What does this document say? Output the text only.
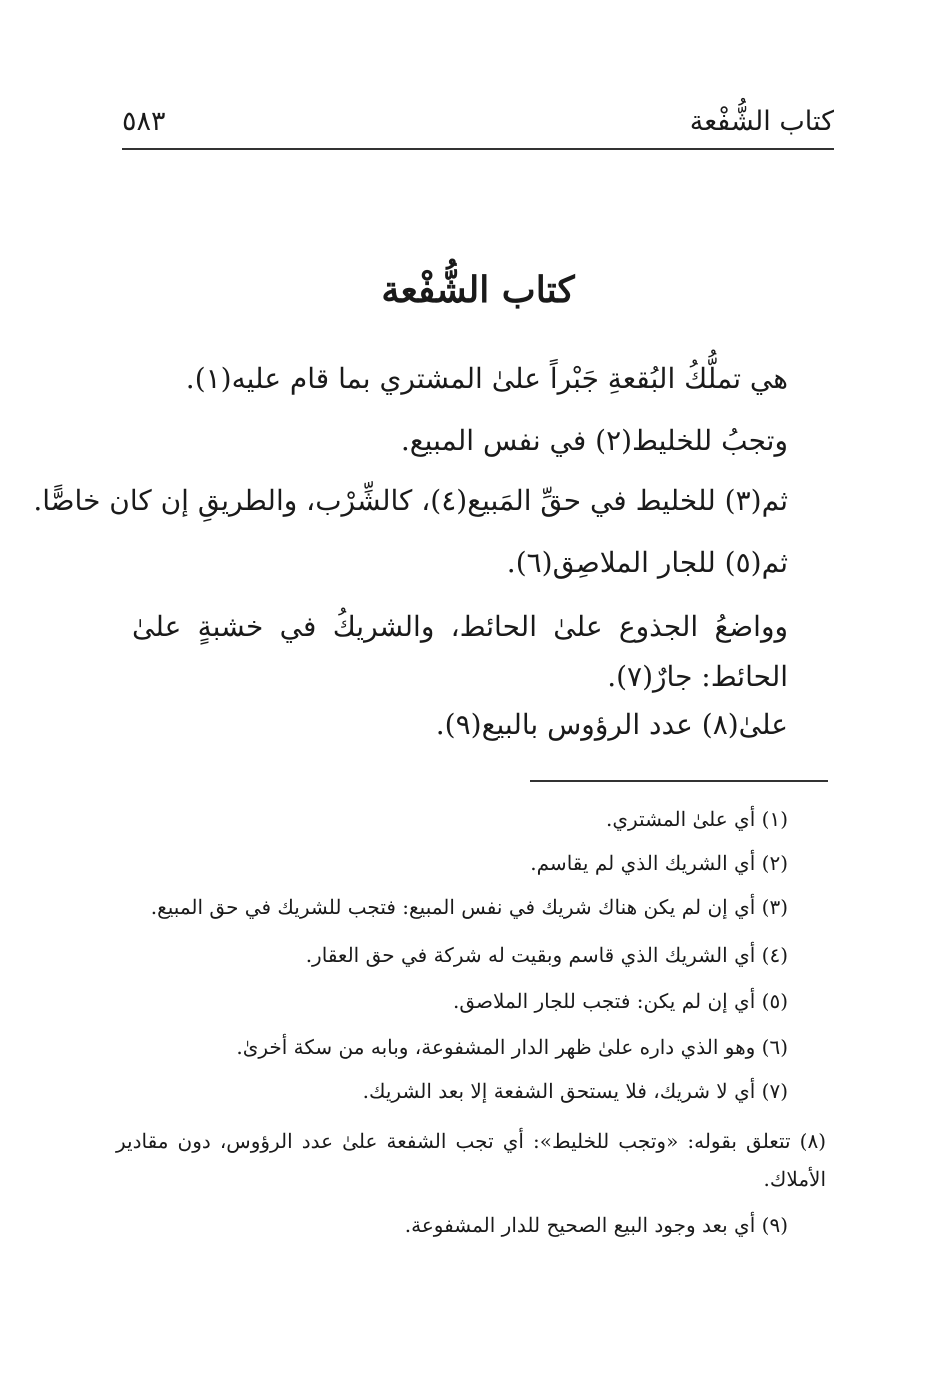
كتاب الشُّفْعة
٥٨٣
كتاب الشُّفْعة

هي تملُّكُ البُقعةِ جَبْراً علىٰ المشتري بما قام عليه(١).

وتجبُ للخليط(٢) في نفس المبيع.

ثم(٣) للخليط في حقِّ المَبيع(٤)، كالشِّرْب، والطريقِ إن كان خاصًّا.

ثم(٥) للجار الملاصِق(٦).

وواضعُ الجذوع علىٰ الحائط، والشريكُ في خشبةٍ علىٰ الحائط: جارٌ(٧).

علىٰ(٨) عدد الرؤوس بالبيع(٩).

(١) أي علىٰ المشتري.

(٢) أي الشريك الذي لم يقاسم.

(٣) أي إن لم يكن هناك شريك في نفس المبيع: فتجب للشريك في حق المبيع.

(٤) أي الشريك الذي قاسم وبقيت له شركة في حق العقار.

(٥) أي إن لم يكن: فتجب للجار الملاصق.

(٦) وهو الذي داره علىٰ ظهر الدار المشفوعة، وبابه من سكة أخرىٰ.

(٧) أي لا شريك، فلا يستحق الشفعة إلا بعد الشريك.

(٨) تتعلق بقوله: «وتجب للخليط»: أي تجب الشفعة علىٰ عدد الرؤوس، دون مقادير الأملاك.

(٩) أي بعد وجود البيع الصحيح للدار المشفوعة.
